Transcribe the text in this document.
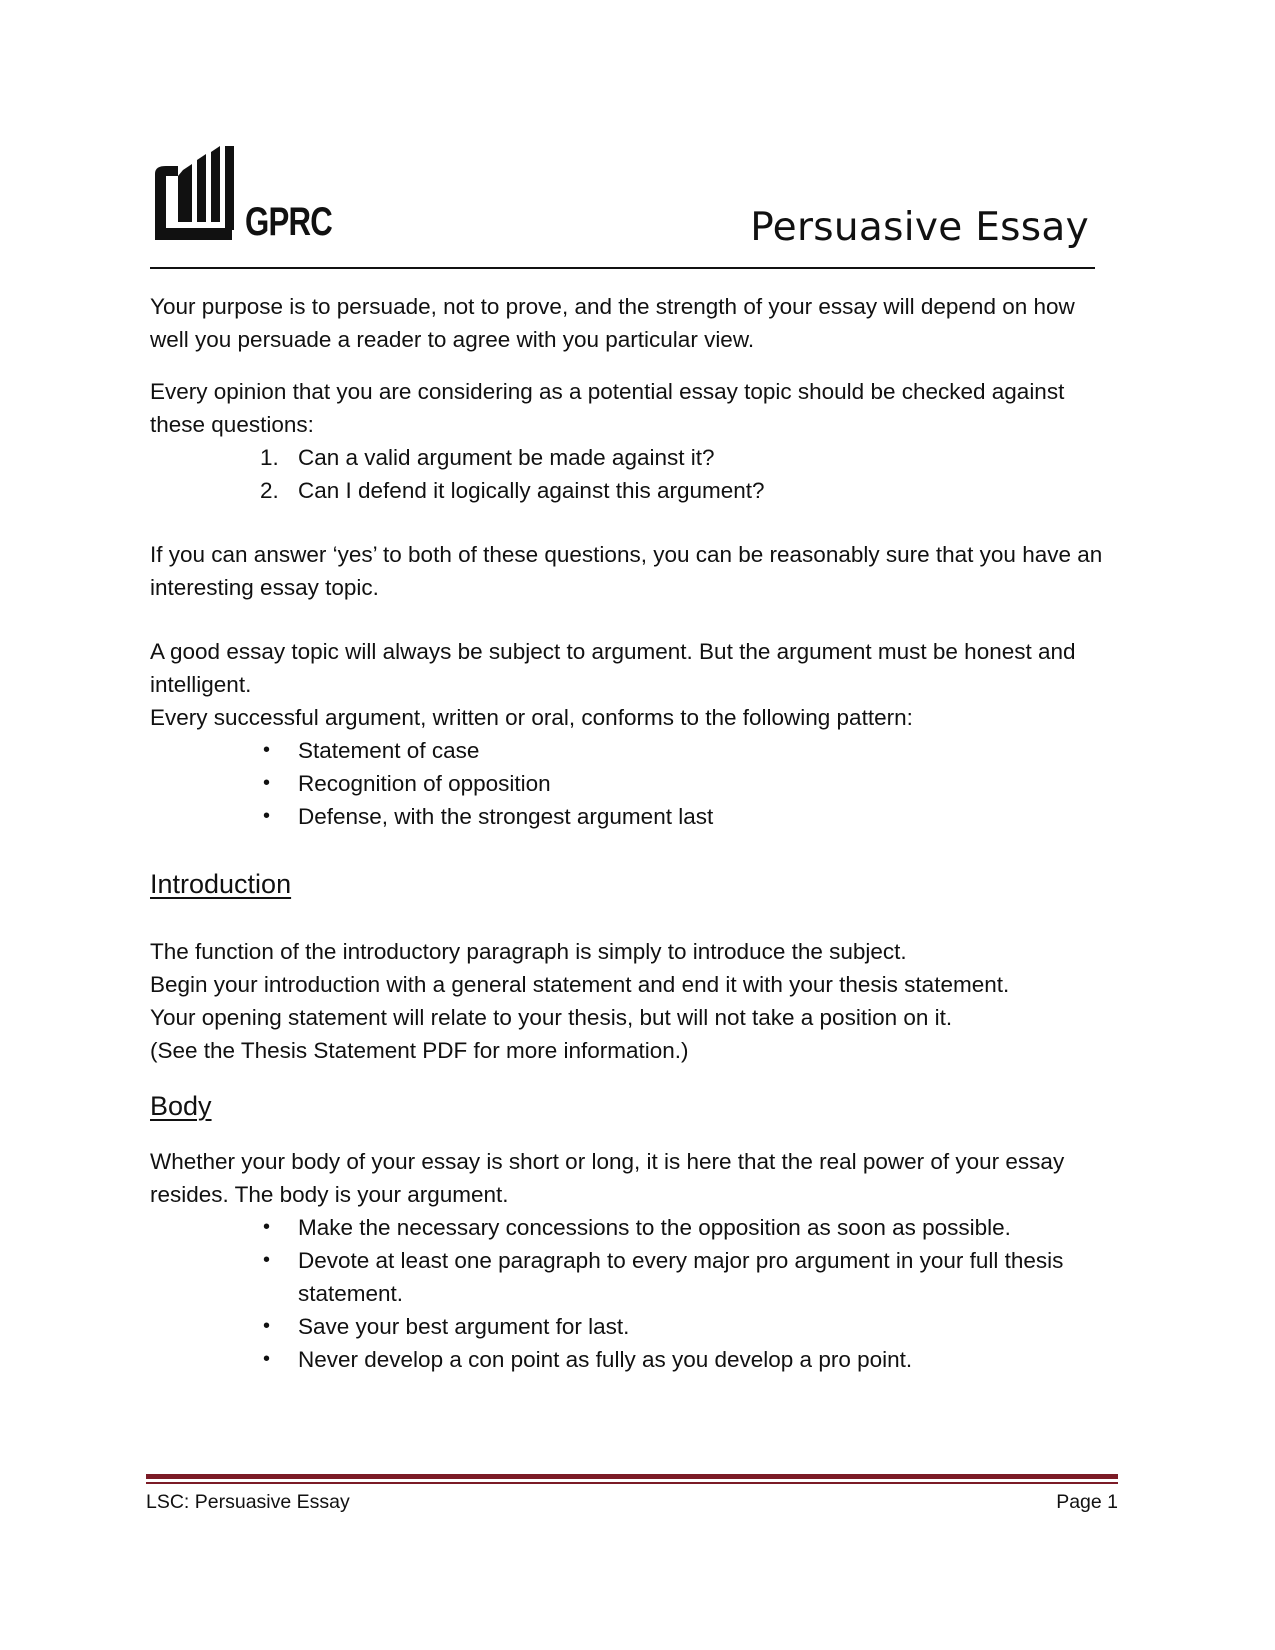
GPRC	Persuasive Essay

Your purpose is to persuade, not to prove, and the strength of your essay will depend on how well you persuade a reader to agree with you particular view.

Every opinion that you are considering as a potential essay topic should be checked against these questions:

1. Can a valid argument be made against it?
2. Can I defend it logically against this argument?

If you can answer ‘yes’ to both of these questions, you can be reasonably sure that you have an interesting essay topic.

A good essay topic will always be subject to argument. But the argument must be honest and intelligent.

Every successful argument, written or oral, conforms to the following pattern:

• Statement of case
• Recognition of opposition
• Defense, with the strongest argument last
Introduction

The function of the introductory paragraph is simply to introduce the subject.

Begin your introduction with a general statement and end it with your thesis statement.

Your opening statement will relate to your thesis, but will not take a position on it.

(See the Thesis Statement PDF for more information.)

Body

Whether your body of your essay is short or long, it is here that the real power of your essay resides. The body is your argument.

• Make the necessary concessions to the opposition as soon as possible.
• Devote at least one paragraph to every major pro argument in your full thesis statement.
• Save your best argument for last.
• Never develop a con point as fully as you develop a pro point.
LSC: Persuasive Essay	Page 1
